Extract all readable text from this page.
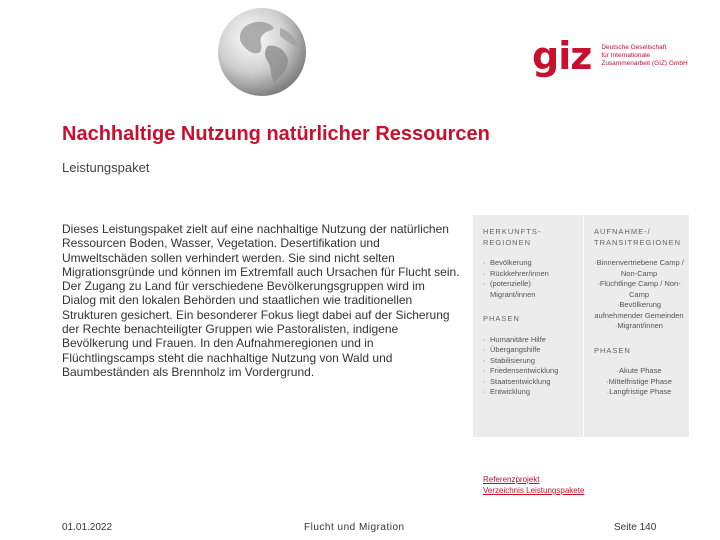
giz Deutsche Gesellschaft
für Internationale
Zusammenarbeit (GIZ) GmbH
Nachhaltige Nutzung natürlicher Ressourcen
Leistungspaket
Dieses Leistungspaket zielt auf eine nachhaltige Nutzung der natürlichen Ressourcen Boden, Wasser, Vegetation. Desertifikation und Umweltschäden sollen verhindert werden. Sie sind nicht selten Migrationsgründe und können im Extremfall auch Ursachen für Flucht sein. Der Zugang zu Land für verschiedene Bevölkerungsgruppen wird im Dialog mit den lokalen Behörden und staatlichen wie traditionellen Strukturen gesichert. Ein besonderer Fokus liegt dabei auf der Sicherung der Rechte benachteiligter Gruppen wie Pastoralisten, indigene Bevölkerung und Frauen. In den Aufnahmeregionen und in Flüchtlingscamps steht die nachhaltige Nutzung von Wald und Baumbeständen als Brennholz im Vordergrund.
HERKUNFTS- REGIONEN
· Bevölkerung
· Rückkehrer/innen
· (potenzielle) Migrant/innen
PHASEN
· Humanitäre Hilfe
· Übergangshilfe
· Stabilisierung
· Friedensentwicklung
· Staatsentwicklung
· Entwicklung
AUFNAHME-/ TRANSITREGIONEN
· Binnenvertriebene Camp / Non-Camp
· Flüchtlinge Camp / Non-Camp
· Bevölkerung aufnehmender Gemeinden
· Migrant/innen
PHASEN
· Akute Phase
· Mittelfristige Phase
· Langfristige Phase
Referenzprojekt
Verzeichnis Leistungspakete
01.01.2022	Flucht und Migration	Seite 140
